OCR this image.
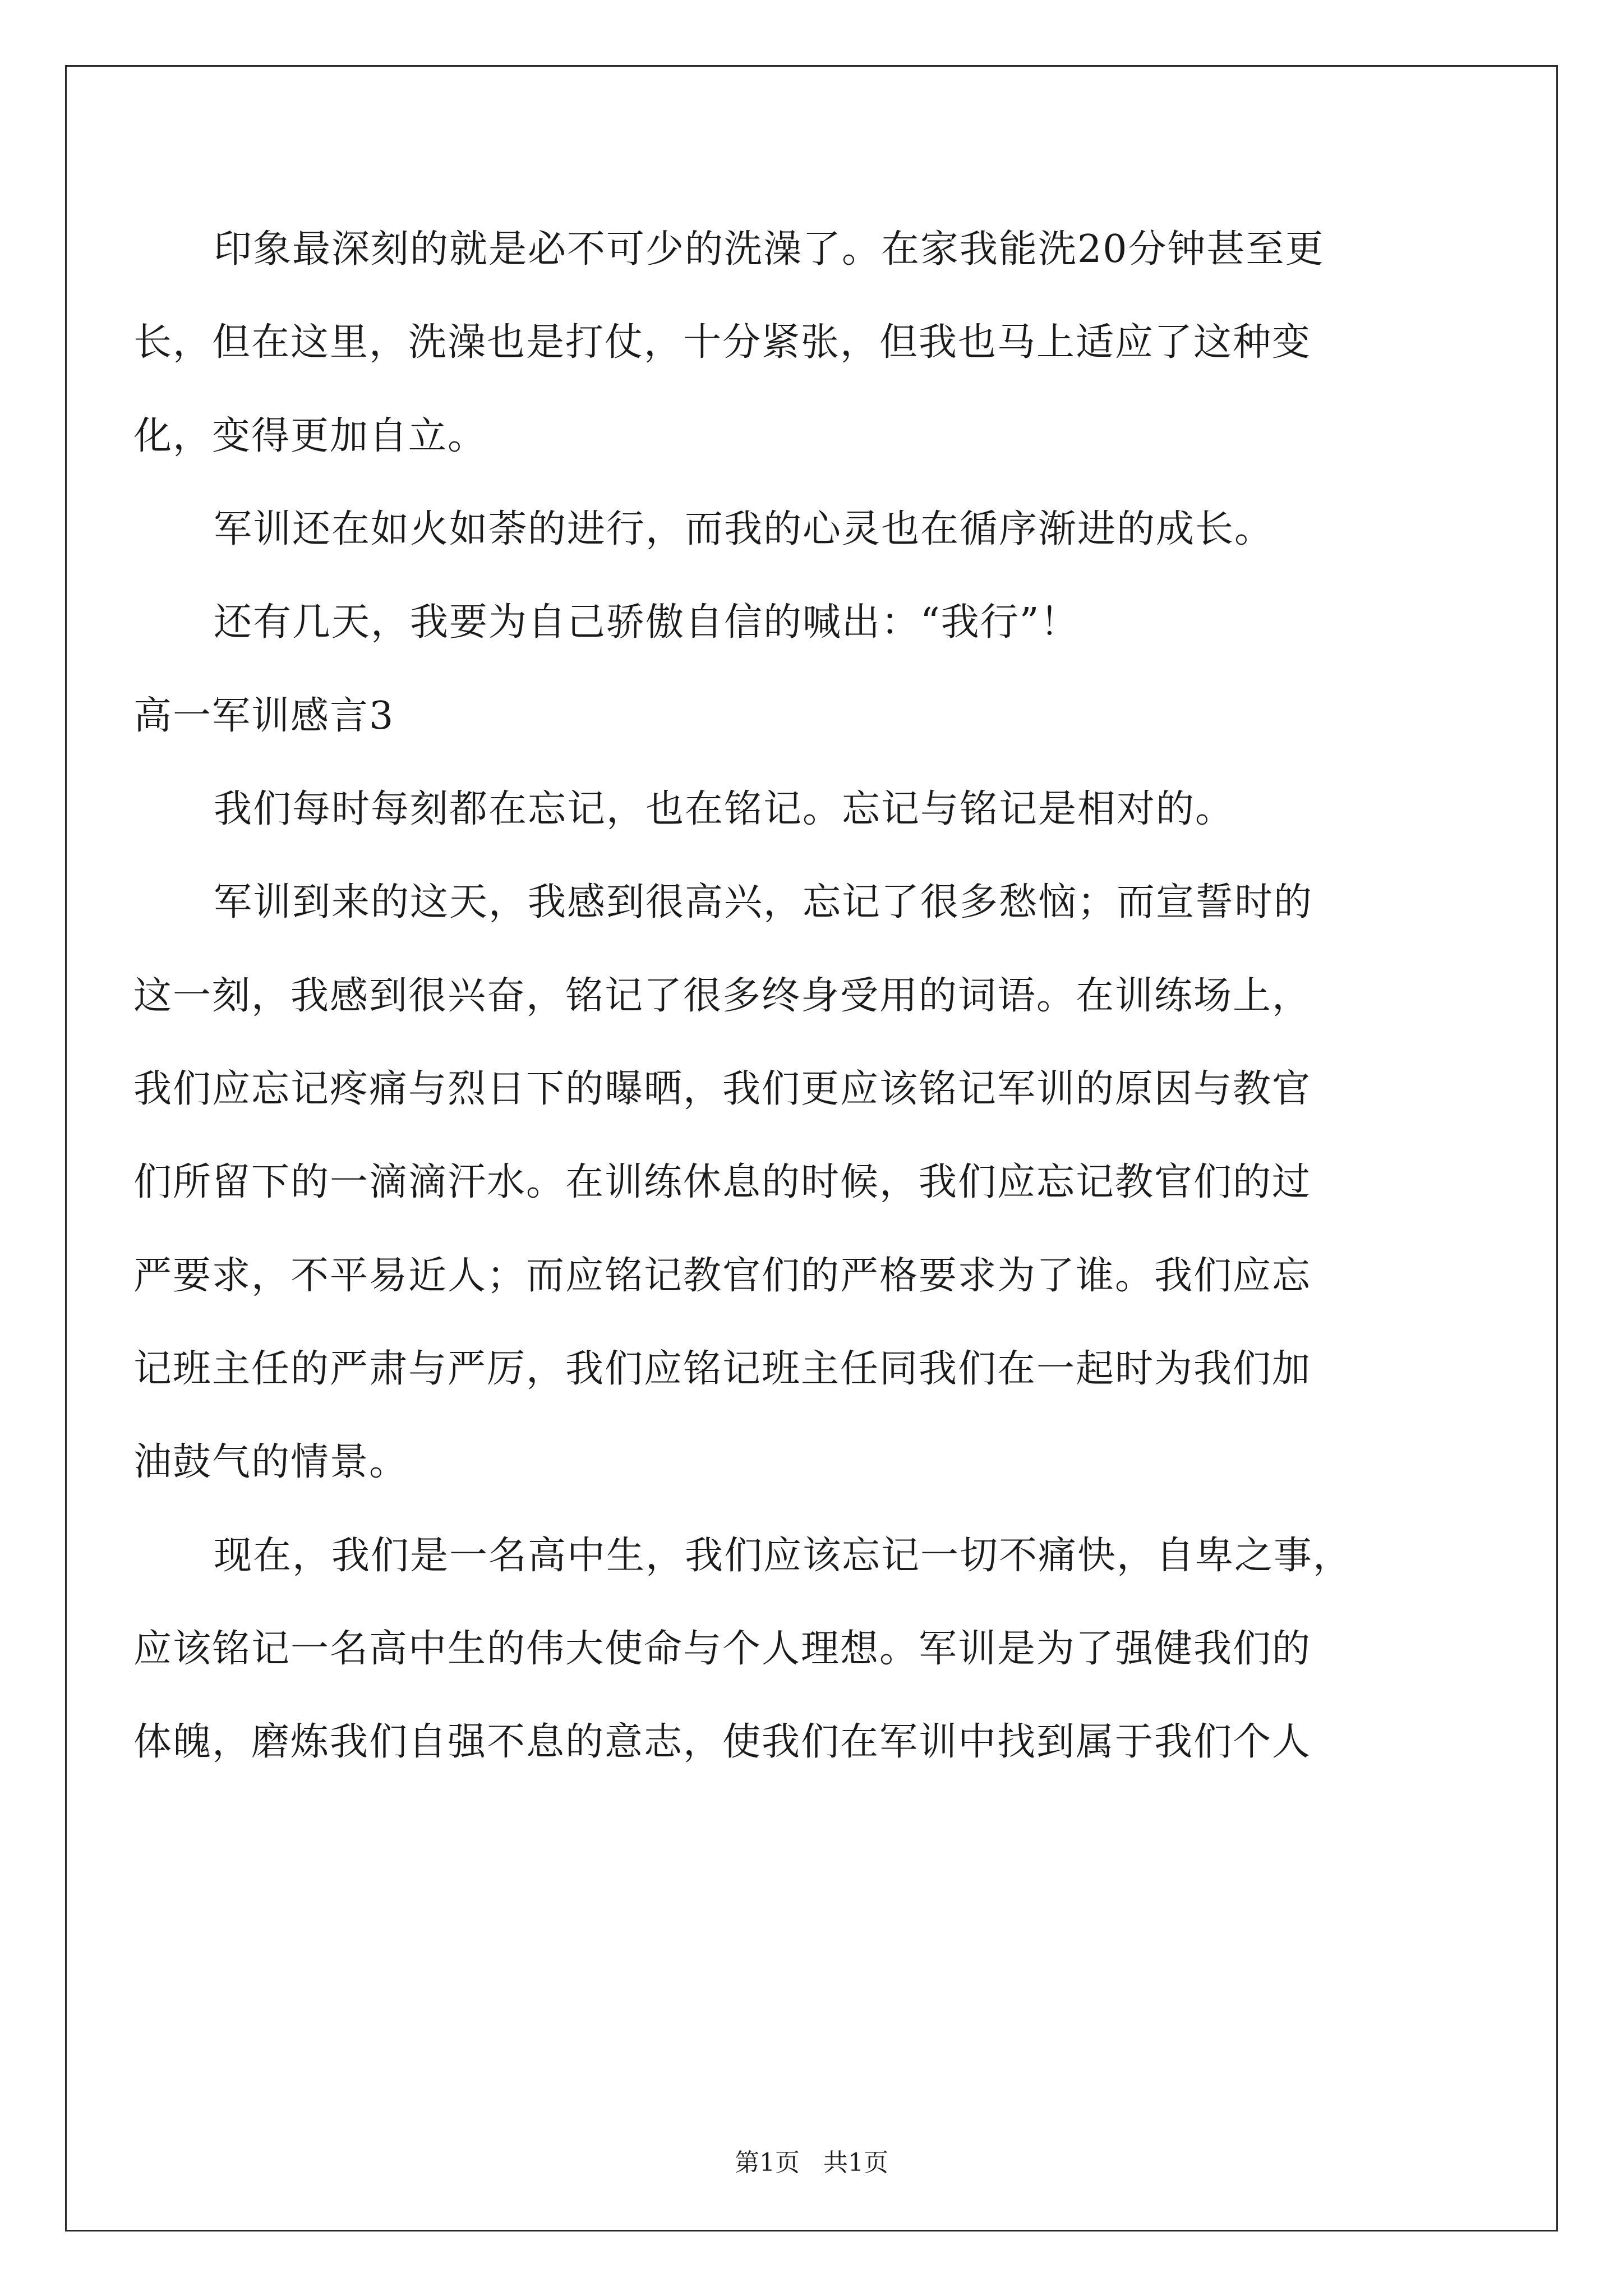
印象最深刻的就是必不可少的洗澡了。在家我能洗20分钟甚至更
长，但在这里，洗澡也是打仗，十分紧张，但我也马上适应了这种变
化，变得更加自立。
军训还在如火如荼的进行，而我的心灵也在循序渐进的成长。
还有几天，我要为自己骄傲自信的喊出：“我行”！
高一军训感言3
我们每时每刻都在忘记，也在铭记。忘记与铭记是相对的。
军训到来的这天，我感到很高兴，忘记了很多愁恼；而宣誓时的
这一刻，我感到很兴奋，铭记了很多终身受用的词语。在训练场上，
我们应忘记疼痛与烈日下的曝晒，我们更应该铭记军训的原因与教官
们所留下的一滴滴汗水。在训练休息的时候，我们应忘记教官们的过
严要求，不平易近人；而应铭记教官们的严格要求为了谁。我们应忘
记班主任的严肃与严厉，我们应铭记班主任同我们在一起时为我们加
油鼓气的情景。
现在，我们是一名高中生，我们应该忘记一切不痛快，自卑之事，
应该铭记一名高中生的伟大使命与个人理想。军训是为了强健我们的
体魄，磨炼我们自强不息的意志，使我们在军训中找到属于我们个人
第1页   共1页
